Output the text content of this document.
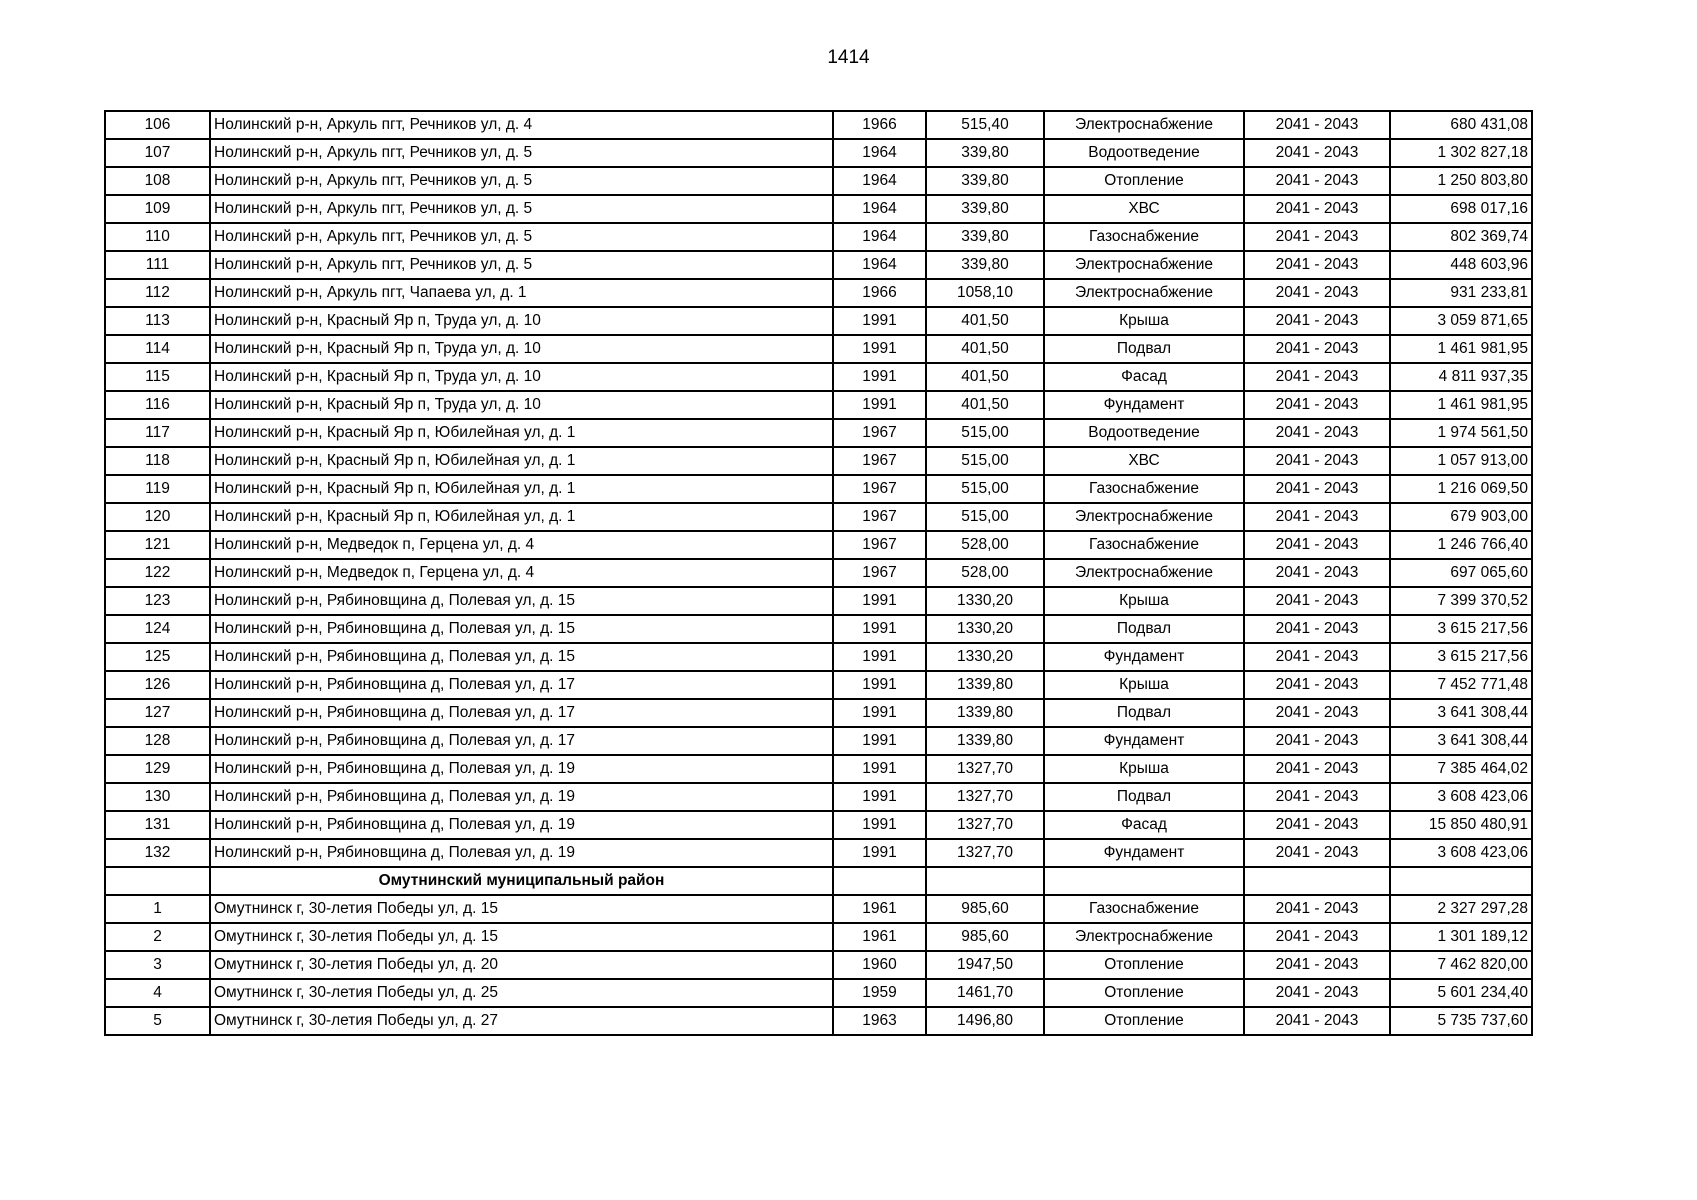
1414
106	Нолинский р-н, Аркуль пгт, Речников ул, д. 4	1966	515,40	Электроснабжение	2041 - 2043	680 431,08
107	Нолинский р-н, Аркуль пгт, Речников ул, д. 5	1964	339,80	Водоотведение	2041 - 2043	1 302 827,18
108	Нолинский р-н, Аркуль пгт, Речников ул, д. 5	1964	339,80	Отопление	2041 - 2043	1 250 803,80
109	Нолинский р-н, Аркуль пгт, Речников ул, д. 5	1964	339,80	ХВС	2041 - 2043	698 017,16
110	Нолинский р-н, Аркуль пгт, Речников ул, д. 5	1964	339,80	Газоснабжение	2041 - 2043	802 369,74
111	Нолинский р-н, Аркуль пгт, Речников ул, д. 5	1964	339,80	Электроснабжение	2041 - 2043	448 603,96
112	Нолинский р-н, Аркуль пгт, Чапаева ул, д. 1	1966	1058,10	Электроснабжение	2041 - 2043	931 233,81
113	Нолинский р-н, Красный Яр п, Труда ул, д. 10	1991	401,50	Крыша	2041 - 2043	3 059 871,65
114	Нолинский р-н, Красный Яр п, Труда ул, д. 10	1991	401,50	Подвал	2041 - 2043	1 461 981,95
115	Нолинский р-н, Красный Яр п, Труда ул, д. 10	1991	401,50	Фасад	2041 - 2043	4 811 937,35
116	Нолинский р-н, Красный Яр п, Труда ул, д. 10	1991	401,50	Фундамент	2041 - 2043	1 461 981,95
117	Нолинский р-н, Красный Яр п, Юбилейная ул, д. 1	1967	515,00	Водоотведение	2041 - 2043	1 974 561,50
118	Нолинский р-н, Красный Яр п, Юбилейная ул, д. 1	1967	515,00	ХВС	2041 - 2043	1 057 913,00
119	Нолинский р-н, Красный Яр п, Юбилейная ул, д. 1	1967	515,00	Газоснабжение	2041 - 2043	1 216 069,50
120	Нолинский р-н, Красный Яр п, Юбилейная ул, д. 1	1967	515,00	Электроснабжение	2041 - 2043	679 903,00
121	Нолинский р-н, Медведок п, Герцена ул, д. 4	1967	528,00	Газоснабжение	2041 - 2043	1 246 766,40
122	Нолинский р-н, Медведок п, Герцена ул, д. 4	1967	528,00	Электроснабжение	2041 - 2043	697 065,60
123	Нолинский р-н, Рябиновщина д, Полевая ул, д. 15	1991	1330,20	Крыша	2041 - 2043	7 399 370,52
124	Нолинский р-н, Рябиновщина д, Полевая ул, д. 15	1991	1330,20	Подвал	2041 - 2043	3 615 217,56
125	Нолинский р-н, Рябиновщина д, Полевая ул, д. 15	1991	1330,20	Фундамент	2041 - 2043	3 615 217,56
126	Нолинский р-н, Рябиновщина д, Полевая ул, д. 17	1991	1339,80	Крыша	2041 - 2043	7 452 771,48
127	Нолинский р-н, Рябиновщина д, Полевая ул, д. 17	1991	1339,80	Подвал	2041 - 2043	3 641 308,44
128	Нолинский р-н, Рябиновщина д, Полевая ул, д. 17	1991	1339,80	Фундамент	2041 - 2043	3 641 308,44
129	Нолинский р-н, Рябиновщина д, Полевая ул, д. 19	1991	1327,70	Крыша	2041 - 2043	7 385 464,02
130	Нолинский р-н, Рябиновщина д, Полевая ул, д. 19	1991	1327,70	Подвал	2041 - 2043	3 608 423,06
131	Нолинский р-н, Рябиновщина д, Полевая ул, д. 19	1991	1327,70	Фасад	2041 - 2043	15 850 480,91
132	Нолинский р-н, Рябиновщина д, Полевая ул, д. 19	1991	1327,70	Фундамент	2041 - 2043	3 608 423,06
	Омутнинский муниципальный район					
1	Омутнинск г, 30-летия Победы ул, д. 15	1961	985,60	Газоснабжение	2041 - 2043	2 327 297,28
2	Омутнинск г, 30-летия Победы ул, д. 15	1961	985,60	Электроснабжение	2041 - 2043	1 301 189,12
3	Омутнинск г, 30-летия Победы ул, д. 20	1960	1947,50	Отопление	2041 - 2043	7 462 820,00
4	Омутнинск г, 30-летия Победы ул, д. 25	1959	1461,70	Отопление	2041 - 2043	5 601 234,40
5	Омутнинск г, 30-летия Победы ул, д. 27	1963	1496,80	Отопление	2041 - 2043	5 735 737,60
